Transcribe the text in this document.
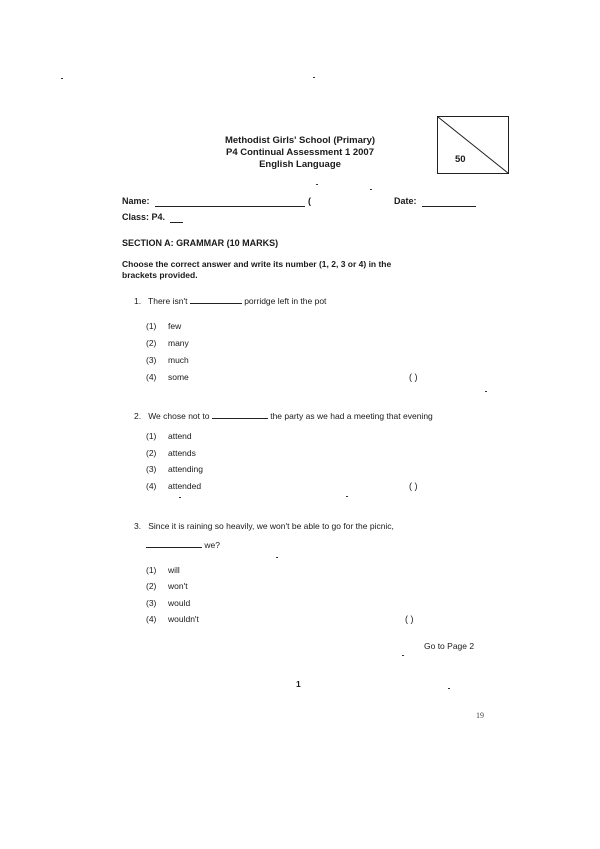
Methodist Girls' School (Primary)
P4 Continual Assessment 1 2007
English Language	50
Name:	(	Date:
Class: P4.
SECTION A: GRAMMAR (10 MARKS)
Choose the correct answer and write its number (1, 2, 3 or 4) in the
brackets provided.
1. There isn't	porridge left in the pot
(1)	few
(2)	many
(3)	much
(4)	some	( )
2. We chose not to	the party as we had a meeting that evening
(1)	attend
(2)	attends
(3)	attending
(4)	attended	( )
3. Since it is raining so heavily, we won't be able to go for the picnic,
we?
(1)	will
(2)	won't
(3)	would
(4)	wouldn't	( )
Go to Page 2
1
19
